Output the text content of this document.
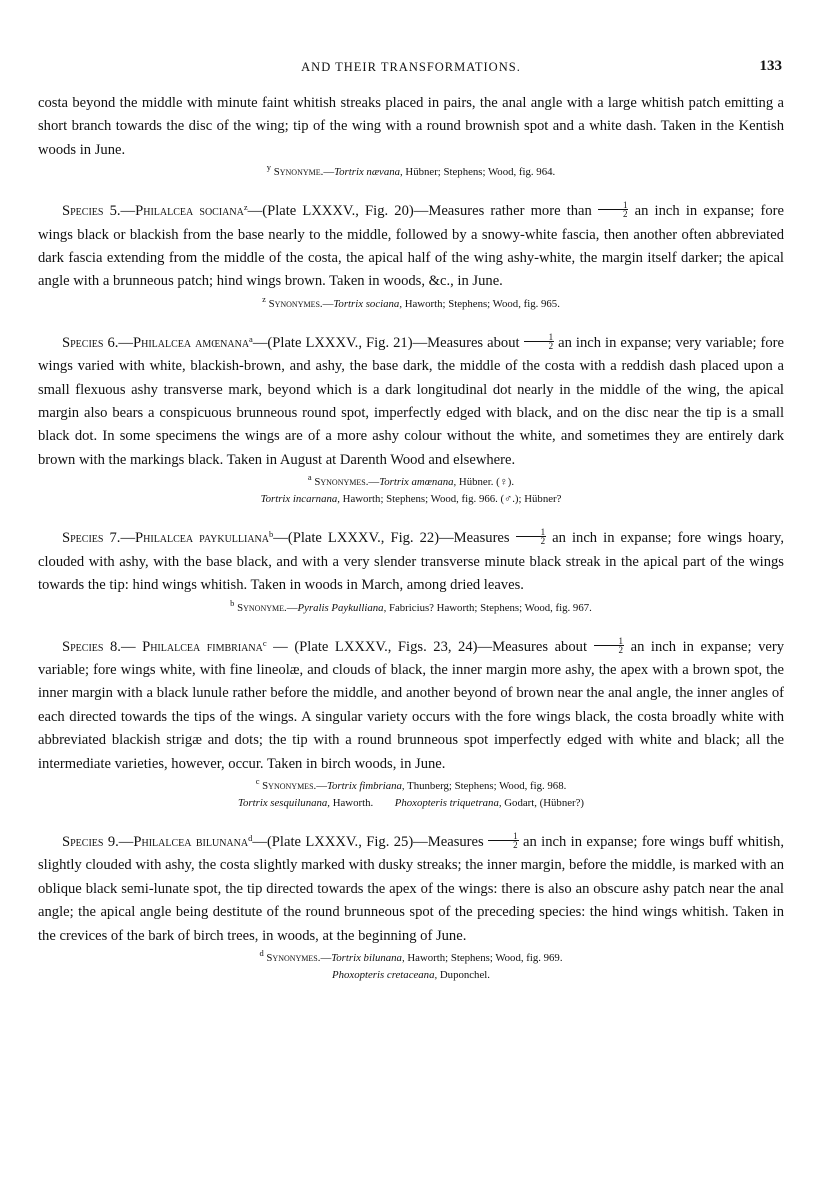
AND THEIR TRANSFORMATIONS.	133

costa beyond the middle with minute faint whitish streaks placed in pairs, the anal angle with a large whitish patch emitting a short branch towards the disc of the wing; tip of the wing with a round brownish spot and a white dash. Taken in the Kentish woods in June.

$^y$ Synonyme.—Tortrix nævana, Hübner; Stephens; Wood, fig. 964.

Species 5.—Philalcea sociana$^z$—(Plate LXXXV., Fig. 20)—Measures rather more than $\frac{1}{2}$ an inch in expanse; fore wings black or blackish from the base nearly to the middle, followed by a snowy-white fascia, then another often abbreviated dark fascia extending from the middle of the costa, the apical half of the wing ashy-white, the margin itself darker; the apical angle with a brunneous patch; hind wings brown. Taken in woods, &c., in June.

$^z$ Synonymes.—Tortrix sociana, Haworth; Stephens; Wood, fig. 965.

Species 6.—Philalcea amœnana$^a$—(Plate LXXXV., Fig. 21)—Measures about $\frac{1}{2}$ an inch in expanse; very variable; fore wings varied with white, blackish-brown, and ashy, the base dark, the middle of the costa with a reddish dash placed upon a small flexuous ashy transverse mark, beyond which is a dark longitudinal dot nearly in the middle of the wing, the apical margin also bears a conspicuous brunneous round spot, imperfectly edged with black, and on the disc near the tip is a small black dot. In some specimens the wings are of a more ashy colour without the white, and sometimes they are entirely dark brown with the markings black. Taken in August at Darenth Wood and elsewhere.

$^a$ Synonymes.—Tortrix amœnana, Hübner. (♀).
Tortrix incarnana, Haworth; Stephens; Wood, fig. 966. (♂.); Hübner?

Species 7.—Philalcea paykulliana$^b$—(Plate LXXXV., Fig. 22)—Measures $\frac{1}{2}$ an inch in expanse; fore wings hoary, clouded with ashy, with the base black, and with a very slender transverse minute black streak in the apical part of the wings towards the tip: hind wings whitish. Taken in woods in March, among dried leaves.

$^b$ Synonyme.—Pyralis Paykulliana, Fabricius? Haworth; Stephens; Wood, fig. 967.

Species 8.— Philalcea fimbriana$^c$ — (Plate LXXXV., Figs. 23, 24)—Measures about $\frac{1}{2}$ an inch in expanse; very variable; fore wings white, with fine lineolæ, and clouds of black, the inner margin more ashy, the apex with a brown spot, the inner margin with a black lunule rather before the middle, and another beyond of brown near the anal angle, the inner angles of each directed towards the tips of the wings. A singular variety occurs with the fore wings black, the costa broadly white with abbreviated blackish strigæ and dots; the tip with a round brunneous spot imperfectly edged with white and black; all the intermediate varieties, however, occur. Taken in birch woods, in June.

$^c$ Synonymes.—Tortrix fimbriana, Thunberg; Stephens; Wood, fig. 968.
Tortrix sesquilunana, Haworth.        Phoxopteris triquetrana, Godart, (Hübner?)

Species 9.—Philalcea bilunana$^d$—(Plate LXXXV., Fig. 25)—Measures $\frac{1}{2}$ an inch in expanse; fore wings buff whitish, slightly clouded with ashy, the costa slightly marked with dusky streaks; the inner margin, before the middle, is marked with an oblique black semi-lunate spot, the tip directed towards the apex of the wings: there is also an obscure ashy patch near the anal angle; the apical angle being destitute of the round brunneous spot of the preceding species: the hind wings whitish. Taken in the crevices of the bark of birch trees, in woods, at the beginning of June.

$^d$ Synonymes.—Tortrix bilunana, Haworth; Stephens; Wood, fig. 969.
Phoxopteris cretaceana, Duponchel.
